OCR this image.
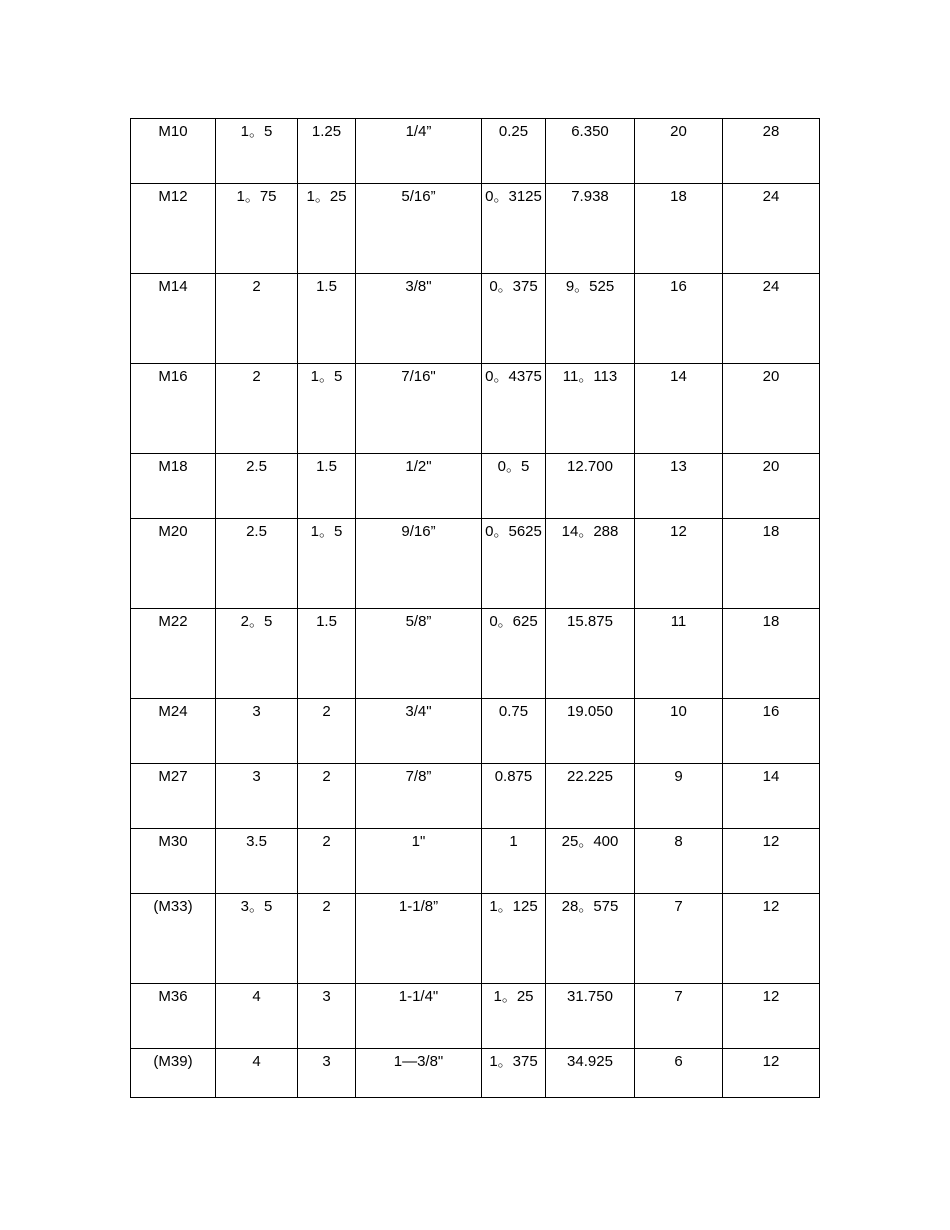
M10	1。5	1.25	1/4”	0.25	6.350	20	28
M12	1。75	1。25	5/16”	0。3125	7.938	18	24
M14	2	1.5	3/8"	0。375	9。525	16	24
M16	2	1。5	7/16"	0。4375	11。113	14	20
M18	2.5	1.5	1/2"	0。5	12.700	13	20
M20	2.5	1。5	9/16”	0。5625	14。288	12	18
M22	2。5	1.5	5/8”	0。625	15.875	11	18
M24	3	2	3/4"	0.75	19.050	10	16
M27	3	2	7/8”	0.875	22.225	9	14
M30	3.5	2	1"	1	25。400	8	12
(M33)	3。5	2	1-1/8”	1。125	28。575	7	12
M36	4	3	1-1/4"	1。25	31.750	7	12
(M39)	4	3	1—3/8"	1。375	34.925	6	12
